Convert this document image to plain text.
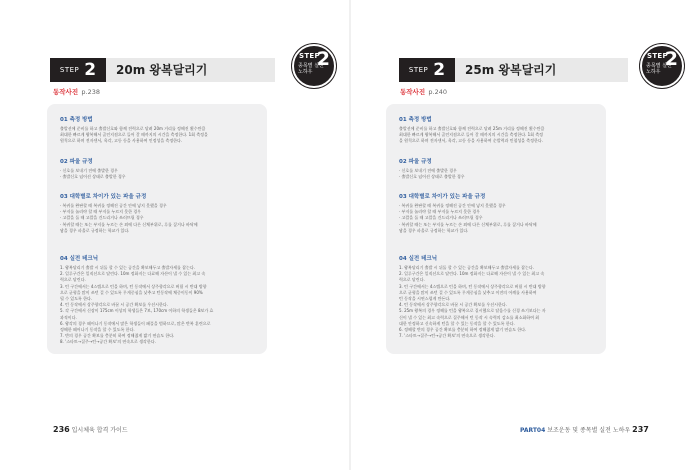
STEP 2 20m 왕복달리기
STEP
2
종목별 실전 노하우
동작사진 p.238
01 측정 방법
출발선에 준비를 하고 출발신호와 함께 전력으로 달려 20m 거리를 정해진 횟수만큼
최대한 빠르게 왕복해서 골인지점으로 들어 갈 때까지의 시간을 측정한다. 1회 측정을
원칙으로 하며 전자센서, 육각, 고등 등을 사용하여 인정성을 측정한다.
02 파울 규정
· 신호를 보내기 전에 출발한 경우
· 출발신호 넘어선 상태로 출발한 경우
03 대학별로 차이가 있는 파울 규정
· 복귀를 완판할 때 복귀를 정해진 공간 안에 넣지 못했을 경우
· 부저를 눌러야 할 때 부저를 누르지 못한 경우
· 고깔을 돌 때 고깔을 건드리거나 쓰러뜨릴 경우
· 복귀할 때는 또는 부저를 누르는 손 외에 다른 신체부위로, 루를 짚거나 바닥에
닿을 경우 파울로 규정하는 학교가 있다.
04 실전 테크닉
1. 왕복달리기 출발 시 뒤돌 할 수 있는 공간을 확보해두고 출발자세를 잡는다.
2. 일루구간은 일직선으로 달린다. 10m 정화지는 다료해 자산이 낼 수 있는 최고 속
력으로 달린다.
3. 턴 구간에서는 4스텝으로 턴을 하며, 턴 동작에서 상주향각으로 버릴 시 반대 방향
으로 균형을 많이 쓰던 걸 수 있도록 무게중심을 낮추고 턴동작에 체중이동이 90%
될 수 있도록 한다.
4. 턴 동작에서 상주향각으로 바꿀 시 공간 확보를 우선시한다.
5. 각 구간에서 신장이 175cm 이상의 학생들은 7보, 170cm 이하의 학생들은 8보가 효
과적이다.
6. 왕각의 경우 떼어나기 동작에서 많은 학생들이 패플을 범하므로, 많은 반복 훈련으로
정해한 떼어나기 동작을 할 수 있도록 한다.
7. 반의 경우 공간 확보를 충분히 하여 정해졌게 밟기 연습도 한다.
8. '스타트→질주→턴→공간 확보'의 연속으로 생각한다.
236 입시체육 합격 가이드
STEP 2 25m 왕복달리기
STEP
2
종목별 실전 노하우
동작사진 p.240
01 측정 방법
출발선에 준비를 하고 출발신호와 함께 전력으로 달려 25m 거리를 정해진 횟수만큼
최대한 빠르게 왕복해서 골인지점으로 들어 갈 때까지의 시간을 측정한다. 1회 측정
을 원칙으로 하며 전자센서, 육각, 고등 등을 사용하여 순발력과 민첩성을 측정한다.
02 파울 규정
· 신호를 보내기 전에 출발한 경우
· 출발신호 넘어선 상태로 출발한 경우
03 대학별로 차이가 있는 파울 규정
· 복귀를 완판할 때 복귀를 정해진 공간 안에 넣지 못했을 경우
· 부저를 눌러야 할 때 부저를 누르지 못한 경우
· 고깔을 돌 때 고깔을 건드리거나 쓰러뜨릴 경우
· 복귀할 때는 또는 부저를 누르는 손 외에 다른 신체부위로, 루를 짚거나 바닥에
닿을 경우 파울로 규정하는 학교가 있다.
04 실전 테크닉
1. 왕복달리기 출발 시 뒤돌 할 수 있는 공간을 확보해두고 출발자세를 잡는다.
2. 일루구간은 일직선으로 달린다. 10m 정화지는 다료해 자산이 낼 수 있는 최고 속
력으로 달린다.
3. 턴 구간에서는 4스텝으로 턴을 하며, 턴 동작에서 상주향각으로 버릴 시 반대 방향
으로 균형을 많이 쓰던 걸 수 있도록 무게중심을 낮추고 이전의 어깨를 사용하여
턴 동작을 시연스럽게 만든다.
4. 턴 동작에서 상주향각으로 바꿀 시 공간 확보를 우선시한다.
5. 25m 왕복의 경우 정해를 턴을 왕복으로 질시했으로 달음수를 신경 쓰기보다는 자
신이 낼 수 있는 최고 속력으로 질주해서 턴 동작 시 속력의 감소를 최소화하여 최
대한 안정하고 신속하게 턴을 할 수 있는 동작을 할 수 있도록 한다.
6. 정해할 반의 경우 공간 확보를 충분히 하여 정해졌게 밟기 연습도 한다.
7. '스타트→질주→턴→공간 확보'의 연속으로 생각한다.
PART04 보조운동 및 종목별 실전 노하우 237
